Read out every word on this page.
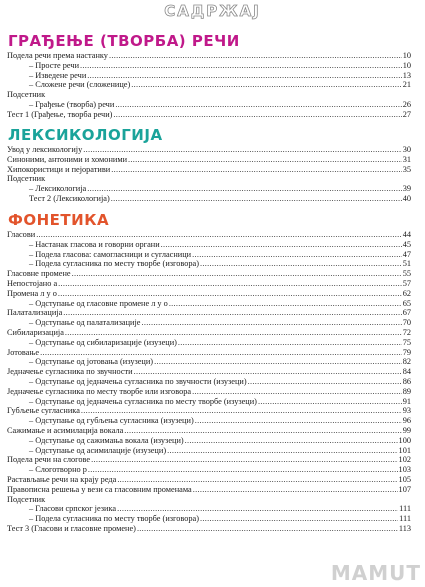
САДРЖАЈ
ГРАЂЕЊЕ (ТВОРБА) РЕЧИ
Подела речи према настанку .....	10
– Просте речи .....	10
– Изведене речи .....	13
– Сложене речи (сложенице) .....	21
Подсетник
– Грађење (творба) речи .....	26
Тест 1 (Грађење, творба речи) .....	27
ЛЕКСИКОЛОГИЈА
Увод у лексикологију .....	30
Синоними, антоними и хомоними .....	31
Хипокористици и пејоративи .....	35
Подсетник
– Лексикологија .....	39
Тест 2 (Лексикологија) .....	40
ФОНЕТИКА
Гласови .....	44
– Настанак гласова и говорни органи .....	45
– Подела гласова: самогласници и сугласници .....	47
– Подела сугласника по месту творбе (изговора) .....	51
Гласовне промене .....	55
Непостојано а .....	57
Промена л у о .....	62
– Одступање од гласовне промене л у о .....	65
Палатализација .....	67
– Одступање од палатализације .....	70
Сибиларизација .....	72
– Одступање од сибиларизације (изузеци) .....	75
Јотовање .....	79
– Одступање од јотовања (изузеци) .....	82
Једначење сугласника по звучности .....	84
– Одступање од једначења сугласника по звучности (изузеци) .....	86
Једначење сугласника по месту творбе или изговора .....	89
– Одступање од једначења сугласника по месту творбе (изузеци) .....	91
Губљење сугласника .....	93
– Одступање од губљења сугласника (изузеци) .....	96
Сажимање и асимилација вокала .....	99
– Одступање од сажимања вокала (изузеци) .....	100
– Одступање од асимилације (изузеци) .....	101
Подела речи на слогове .....	102
– Слоготворно р .....	103
Растављање речи на крају реда .....	105
Правописна решења у вези са гласовним променама .....	107
Подсетник
– Гласови српског језика .....	111
– Подела сугласника по месту творбе (изговора) .....	111
Тест 3 (Гласови и гласовне промене) .....	113
MAMUT
